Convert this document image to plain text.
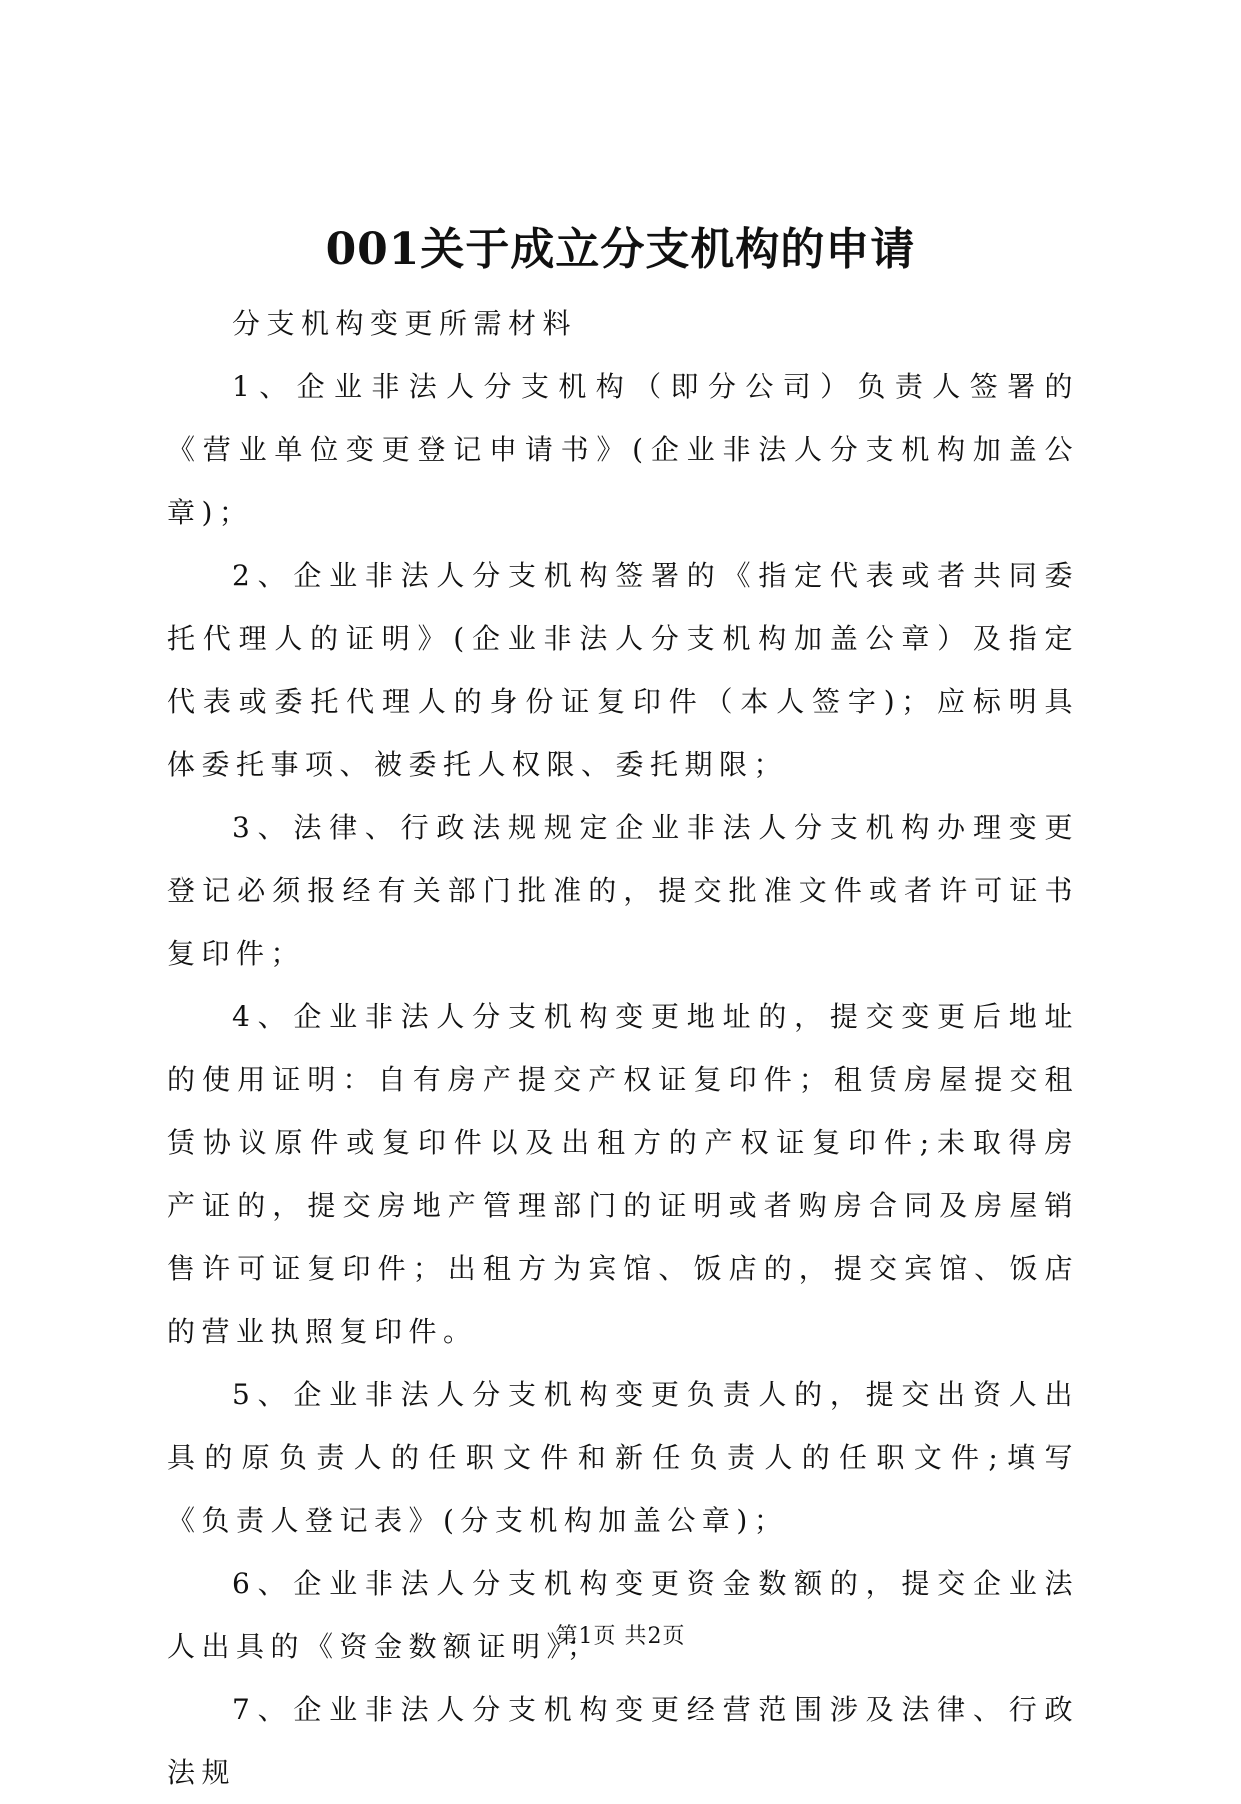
001关于成立分支机构的申请

分支机构变更所需材料

1、企业非法人分支机构（即分公司）负责人签署的《营业单位变更登记申请书》(企业非法人分支机构加盖公章)；

2、企业非法人分支机构签署的《指定代表或者共同委托代理人的证明》(企业非法人分支机构加盖公章）及指定代表或委托代理人的身份证复印件（本人签字)；应标明具体委托事项、被委托人权限、委托期限；

3、法律、行政法规规定企业非法人分支机构办理变更登记必须报经有关部门批准的，提交批准文件或者许可证书复印件；

4、企业非法人分支机构变更地址的，提交变更后地址的使用证明：自有房产提交产权证复印件；租赁房屋提交租赁协议原件或复印件以及出租方的产权证复印件;未取得房产证的，提交房地产管理部门的证明或者购房合同及房屋销售许可证复印件；出租方为宾馆、饭店的，提交宾馆、饭店的营业执照复印件。

5、企业非法人分支机构变更负责人的，提交出资人出具的原负责人的任职文件和新任负责人的任职文件;填写《负责人登记表》(分支机构加盖公章)；

6、企业非法人分支机构变更资金数额的，提交企业法人出具的《资金数额证明》；

7、企业非法人分支机构变更经营范围涉及法律、行政法规

第1页 共2页
